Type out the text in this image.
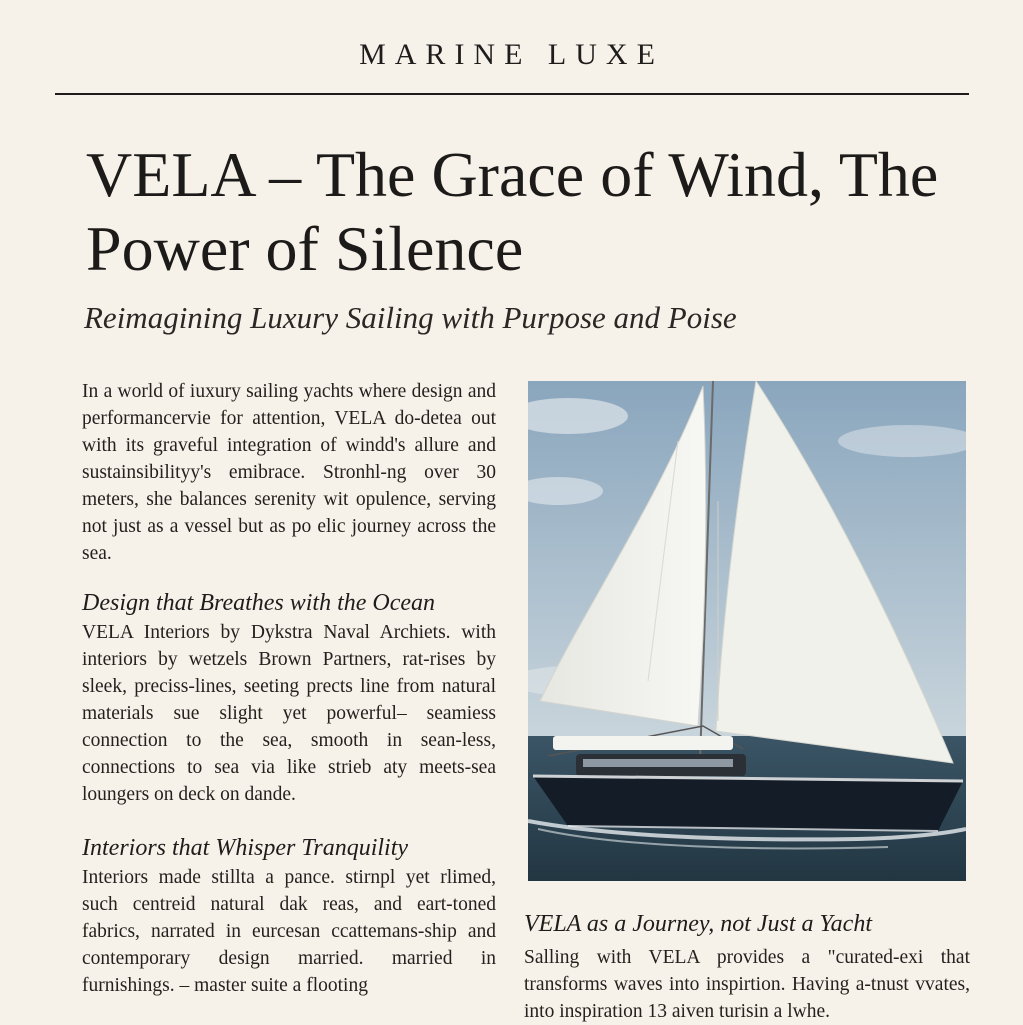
MARINE LUXE
VELA – The Grace of Wind, The Power of Silence
Reimagining Luxury Sailing with Purpose and Poise

In a world of iuxury sailing yachts where design and performancervie for attention, VELA do-detea out with its graveful integration of windd's allure and sustainsibilityy's emibrace. Stronhl-ng over 30 meters, she balances serenity wit opulence, serving not just as a vessel but as po elic journey across the sea.

Design that Breathes with the Ocean

VELA Interiors by Dykstra Naval Archiets. with interiors by wetzels Brown Partners, rat-rises by sleek, preciss-lines, seeting prects line from natural materials sue slight yet powerful– seamiess connection to the sea, smooth in sean-less, connections to sea via like strieb aty meets-sea loungers on deck on dande.

Interiors that Whisper Tranquility

Interiors made stillta a pance. stirnpl yet rlimed, such centreid natural dak reas, and eart-toned fabrics, narrated in eurcesan ccattemans-ship and contemporary design married. married in furnishings. – master suite a flooting

VELA as a Journey, not Just a Yacht

Salling with VELA provides a "curated-exi that transforms waves into inspirtion. Having a-tnust vvates, into inspiration 13 aiven turisin a lwhe.
